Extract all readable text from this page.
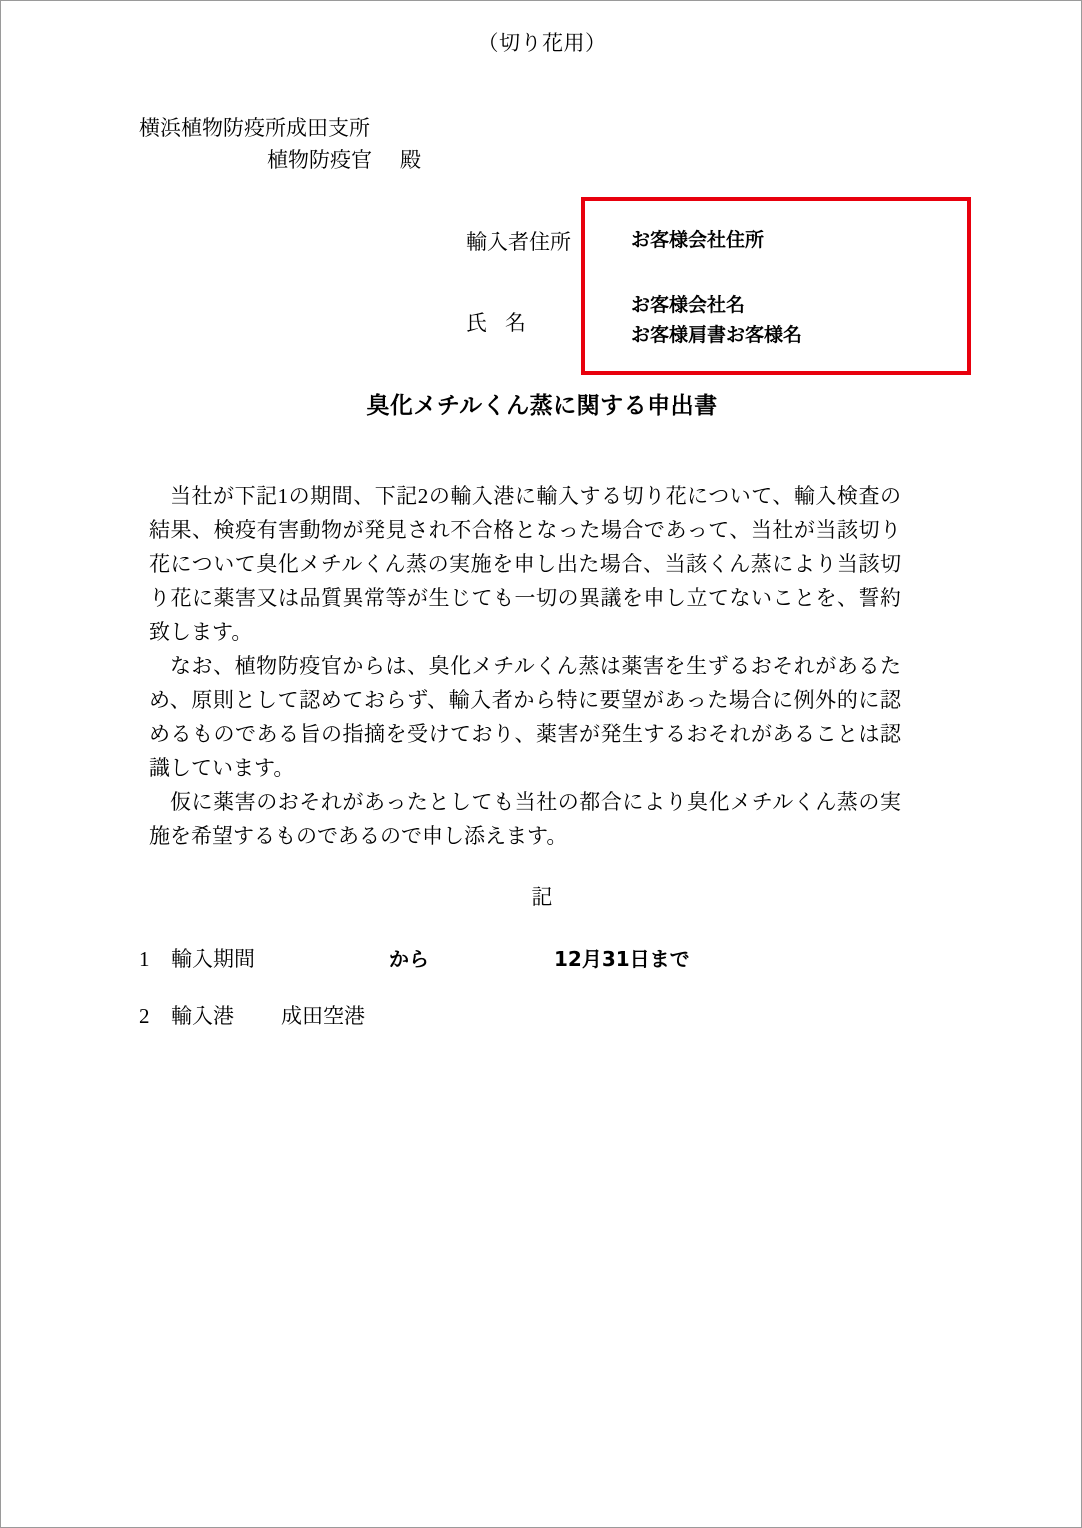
（切り花用）
横浜植物防疫所成田支所
植物防疫官 殿
輸入者住所
氏名
お客様会社住所
お客様会社名
お客様肩書お客様名
臭化メチルくん蒸に関する申出書

当社が下記1の期間、下記2の輸入港に輸入する切り花について、輸入検査の結果、検疫有害動物が発見され不合格となった場合であって、当社が当該切り花について臭化メチルくん蒸の実施を申し出た場合、当該くん蒸により当該切り花に薬害又は品質異常等が生じても一切の異議を申し立てないことを、誓約致します。

なお、植物防疫官からは、臭化メチルくん蒸は薬害を生ずるおそれがあるため、原則として認めておらず、輸入者から特に要望があった場合に例外的に認めるものである旨の指摘を受けており、薬害が発生するおそれがあることは認識しています。

仮に薬害のおそれがあったとしても当社の都合により臭化メチルくん蒸の実施を希望するものであるので申し添えます。

記
1 輸入期間	から	12月31日まで
2 輸入港 成田空港
